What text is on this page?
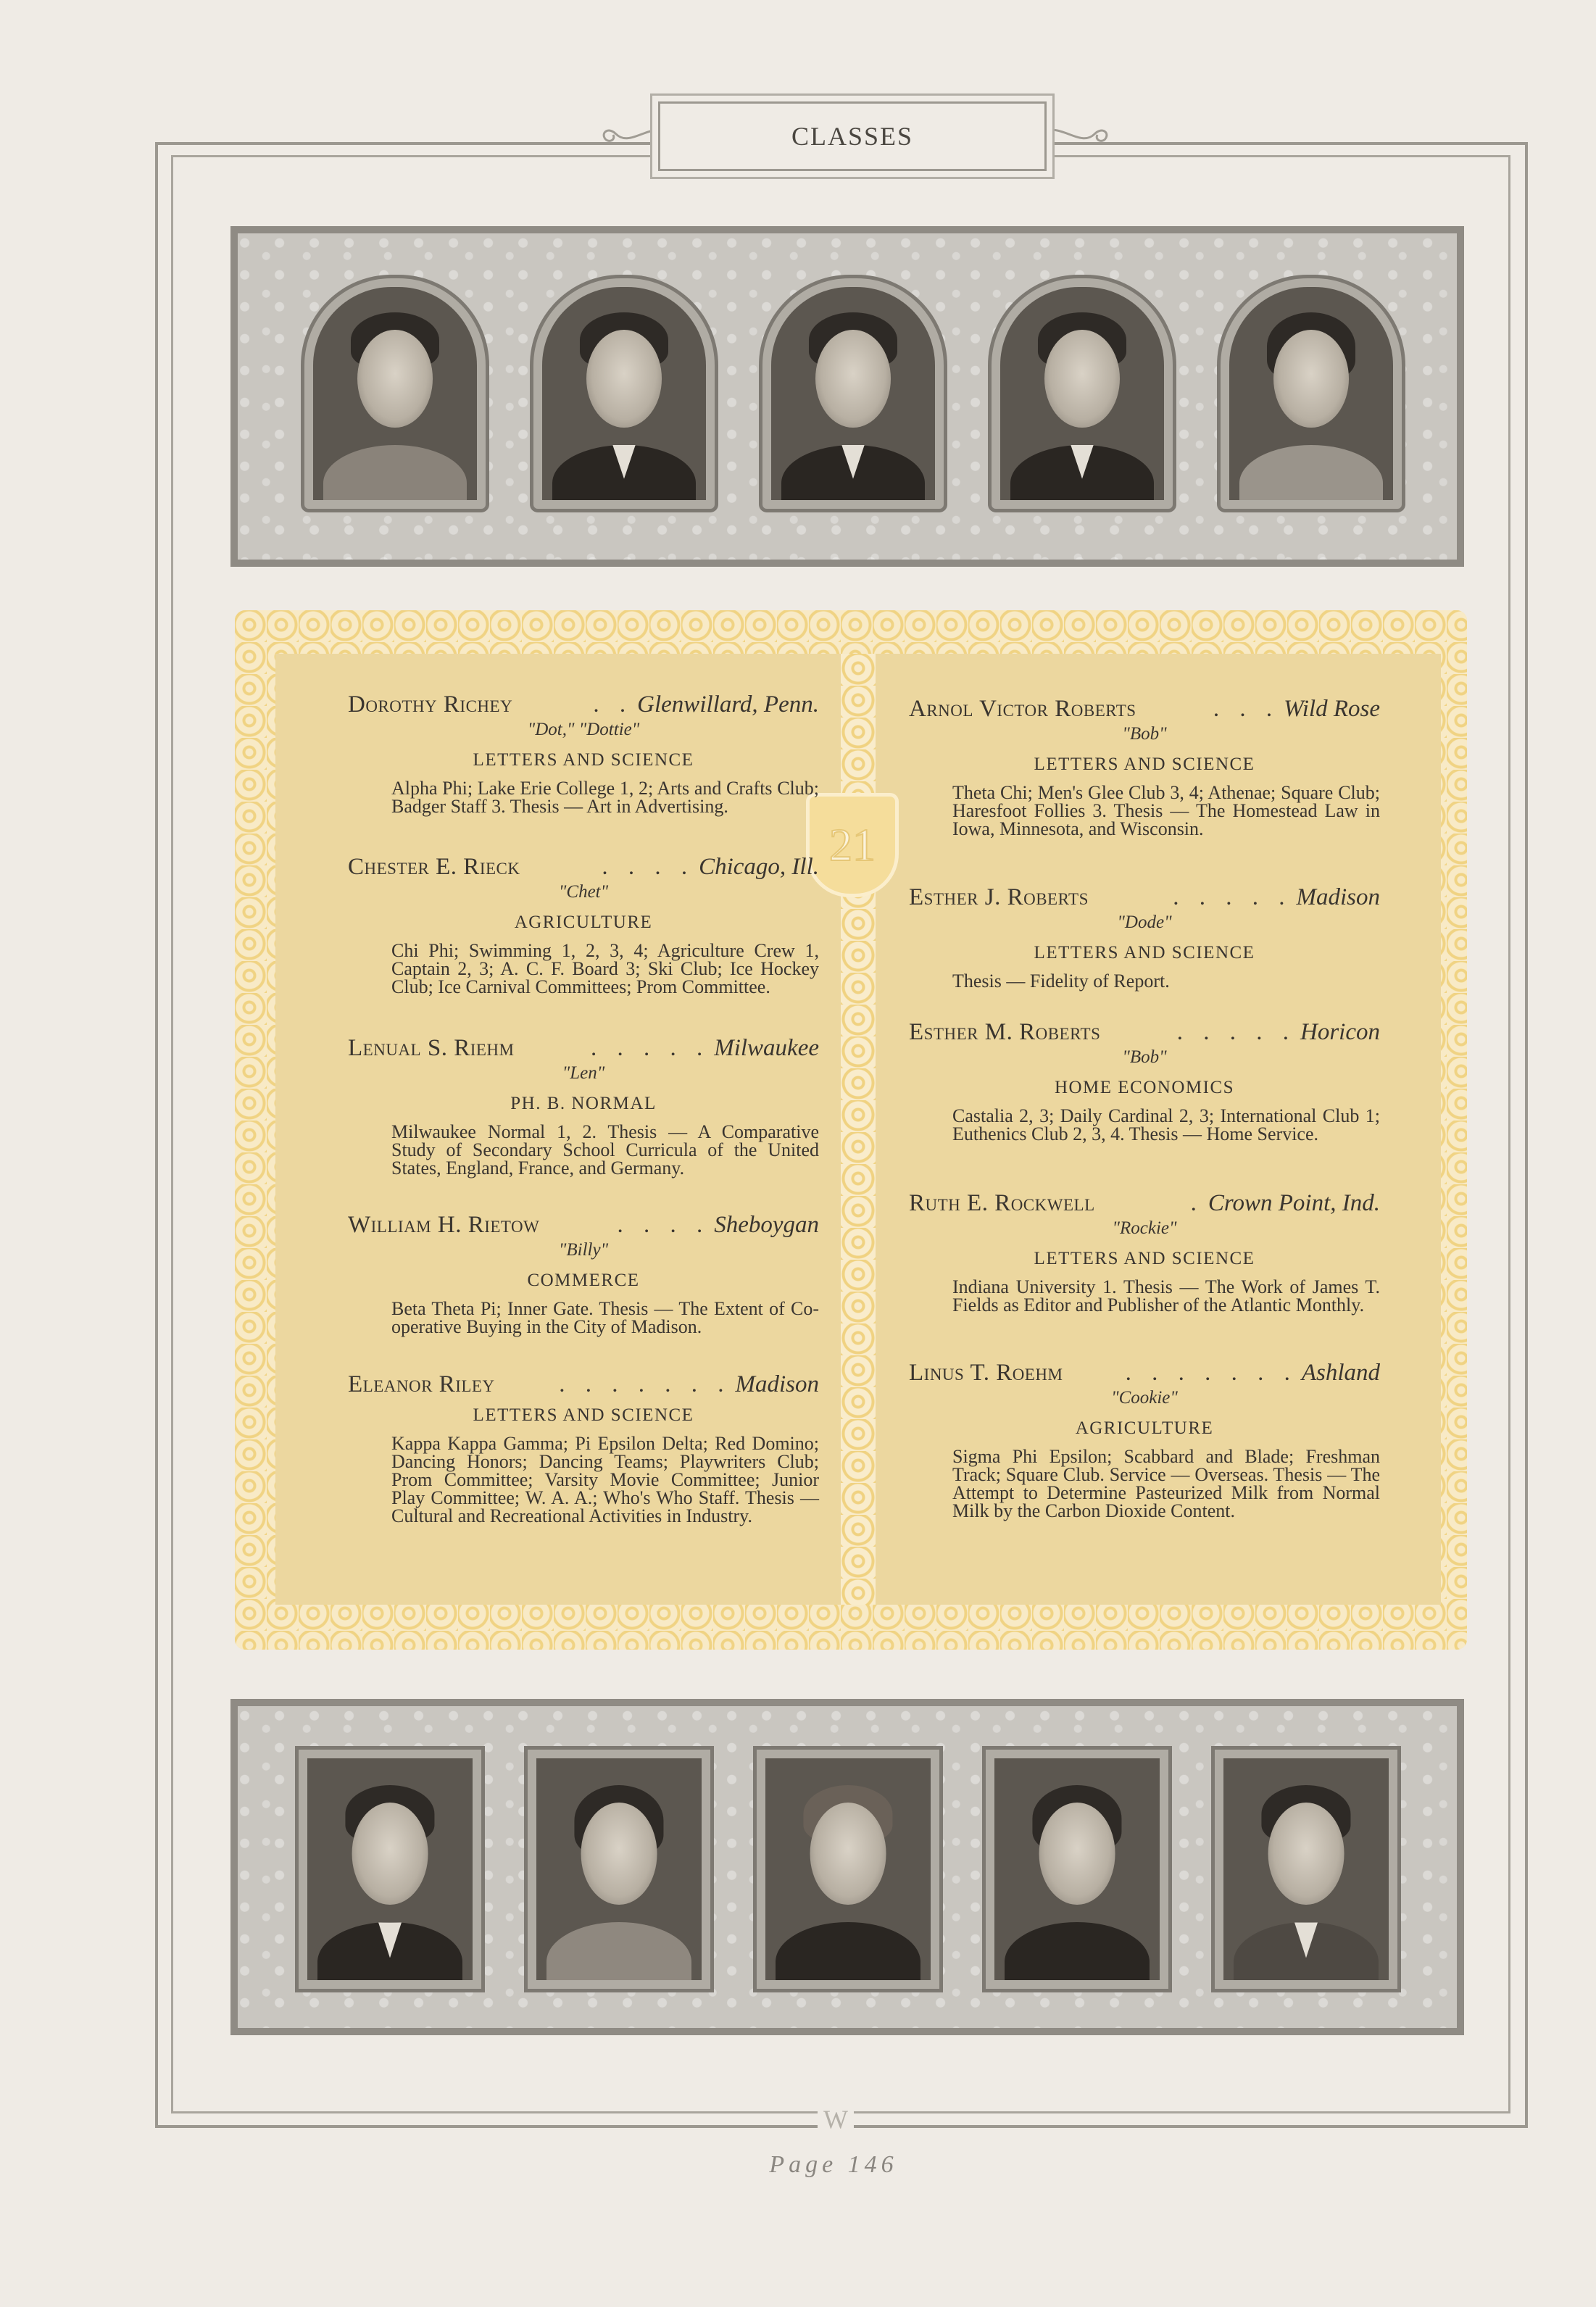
CLASSES
21
Dorothy Richey	. . Glenwillard, Penn.
"Dot," "Dottie"
LETTERS AND SCIENCE
Alpha Phi; Lake Erie College 1, 2; Arts and Crafts Club; Badger Staff 3. Thesis — Art in Advertising.
Chester E. Rieck	. . . . Chicago, Ill.
"Chet"
AGRICULTURE
Chi Phi; Swimming 1, 2, 3, 4; Agriculture Crew 1, Captain 2, 3; A. C. F. Board 3; Ski Club; Ice Hockey Club; Ice Carnival Committees; Prom Committee.
Lenual S. Riehm	. . . . . Milwaukee
"Len"
PH. B. NORMAL
Milwaukee Normal 1, 2. Thesis — A Comparative Study of Secondary School Curricula of the United States, England, France, and Germany.
William H. Rietow	. . . . Sheboygan
"Billy"
COMMERCE
Beta Theta Pi; Inner Gate. Thesis — The Extent of Co-operative Buying in the City of Madison.
Eleanor Riley	. . . . . . . Madison
LETTERS AND SCIENCE
Kappa Kappa Gamma; Pi Epsilon Delta; Red Domino; Dancing Honors; Dancing Teams; Playwriters Club; Prom Committee; Varsity Movie Committee; Junior Play Committee; W. A. A.; Who's Who Staff. Thesis — Cultural and Recreational Activities in Industry.
Arnol Victor Roberts	. . . Wild Rose
"Bob"
LETTERS AND SCIENCE
Theta Chi; Men's Glee Club 3, 4; Athenae; Square Club; Haresfoot Follies 3. Thesis — The Homestead Law in Iowa, Minnesota, and Wisconsin.
Esther J. Roberts	. . . . . Madison
"Dode"
LETTERS AND SCIENCE
Thesis — Fidelity of Report.
Esther M. Roberts	. . . . . Horicon
"Bob"
HOME ECONOMICS
Castalia 2, 3; Daily Cardinal 2, 3; International Club 1; Euthenics Club 2, 3, 4. Thesis — Home Service.
Ruth E. Rockwell	. Crown Point, Ind.
"Rockie"
LETTERS AND SCIENCE
Indiana University 1. Thesis — The Work of James T. Fields as Editor and Publisher of the Atlantic Monthly.
Linus T. Roehm	. . . . . . . Ashland
"Cookie"
AGRICULTURE
Sigma Phi Epsilon; Scabbard and Blade; Freshman Track; Square Club. Service — Overseas. Thesis — The Attempt to Determine Pasteurized Milk from Normal Milk by the Carbon Dioxide Content.
W
Page 146
